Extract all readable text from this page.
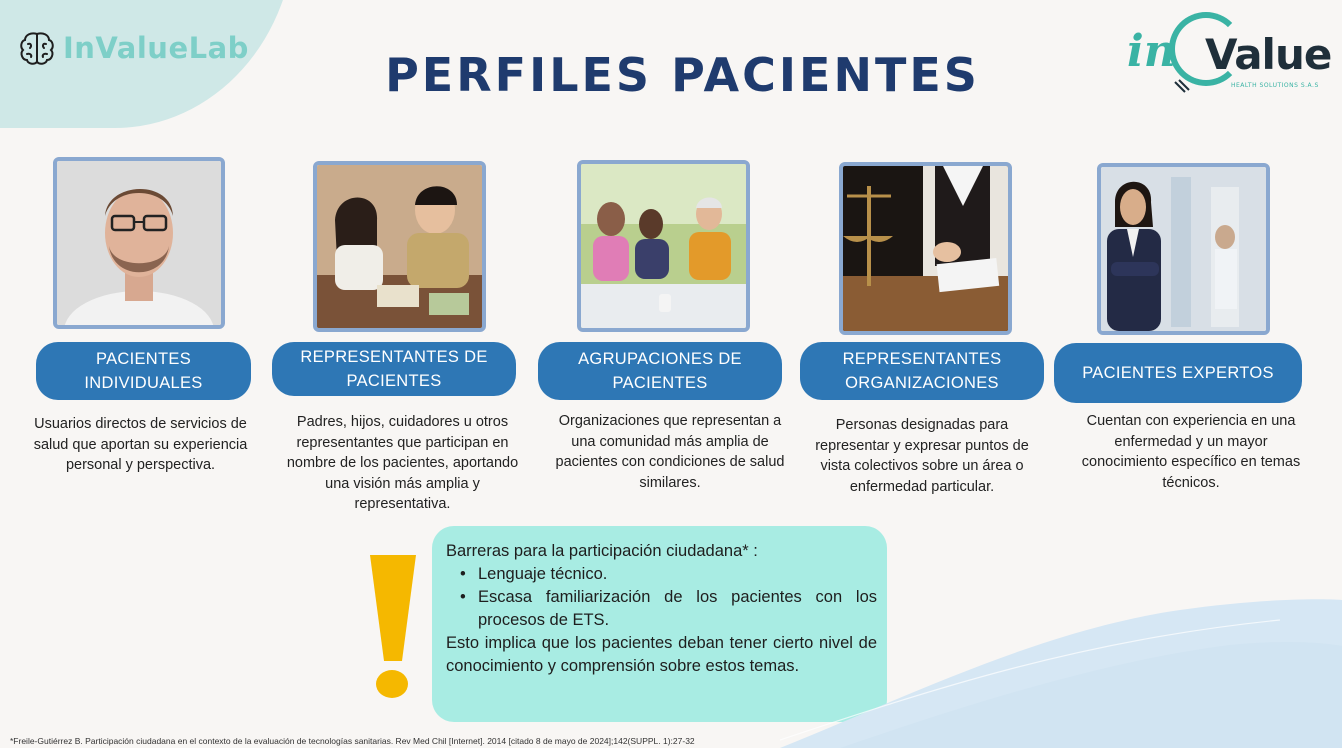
InValueLab	PERFILES PACIENTES	in Value
HEALTH SOLUTIONS S.A.S
PACIENTES INDIVIDUALES
Usuarios directos de servicios de salud que aportan su experiencia personal y perspectiva.
REPRESENTANTES DE PACIENTES
Padres, hijos, cuidadores u otros representantes que participan en nombre de los pacientes, aportando una visión más amplia y representativa.
AGRUPACIONES DE PACIENTES
Organizaciones que representan a una comunidad más amplia de pacientes con condiciones de salud similares.
REPRESENTANTES ORGANIZACIONES
Personas designadas para representar y expresar puntos de vista colectivos sobre un área o enfermedad particular.
PACIENTES EXPERTOS
Cuentan con experiencia en una enfermedad y un mayor conocimiento específico en temas técnicos.
Barreras para la participación ciudadana* :
• Lenguaje técnico.
• Escasa familiarización de los pacientes con los procesos de ETS.
Esto implica que los pacientes deban tener cierto nivel de conocimiento y comprensión sobre estos temas.
*Freile-Gutiérrez B. Participación ciudadana en el contexto de la evaluación de tecnologías sanitarias. Rev Med Chil [Internet]. 2014 [citado 8 de mayo de 2024];142(SUPPL. 1):27-32
